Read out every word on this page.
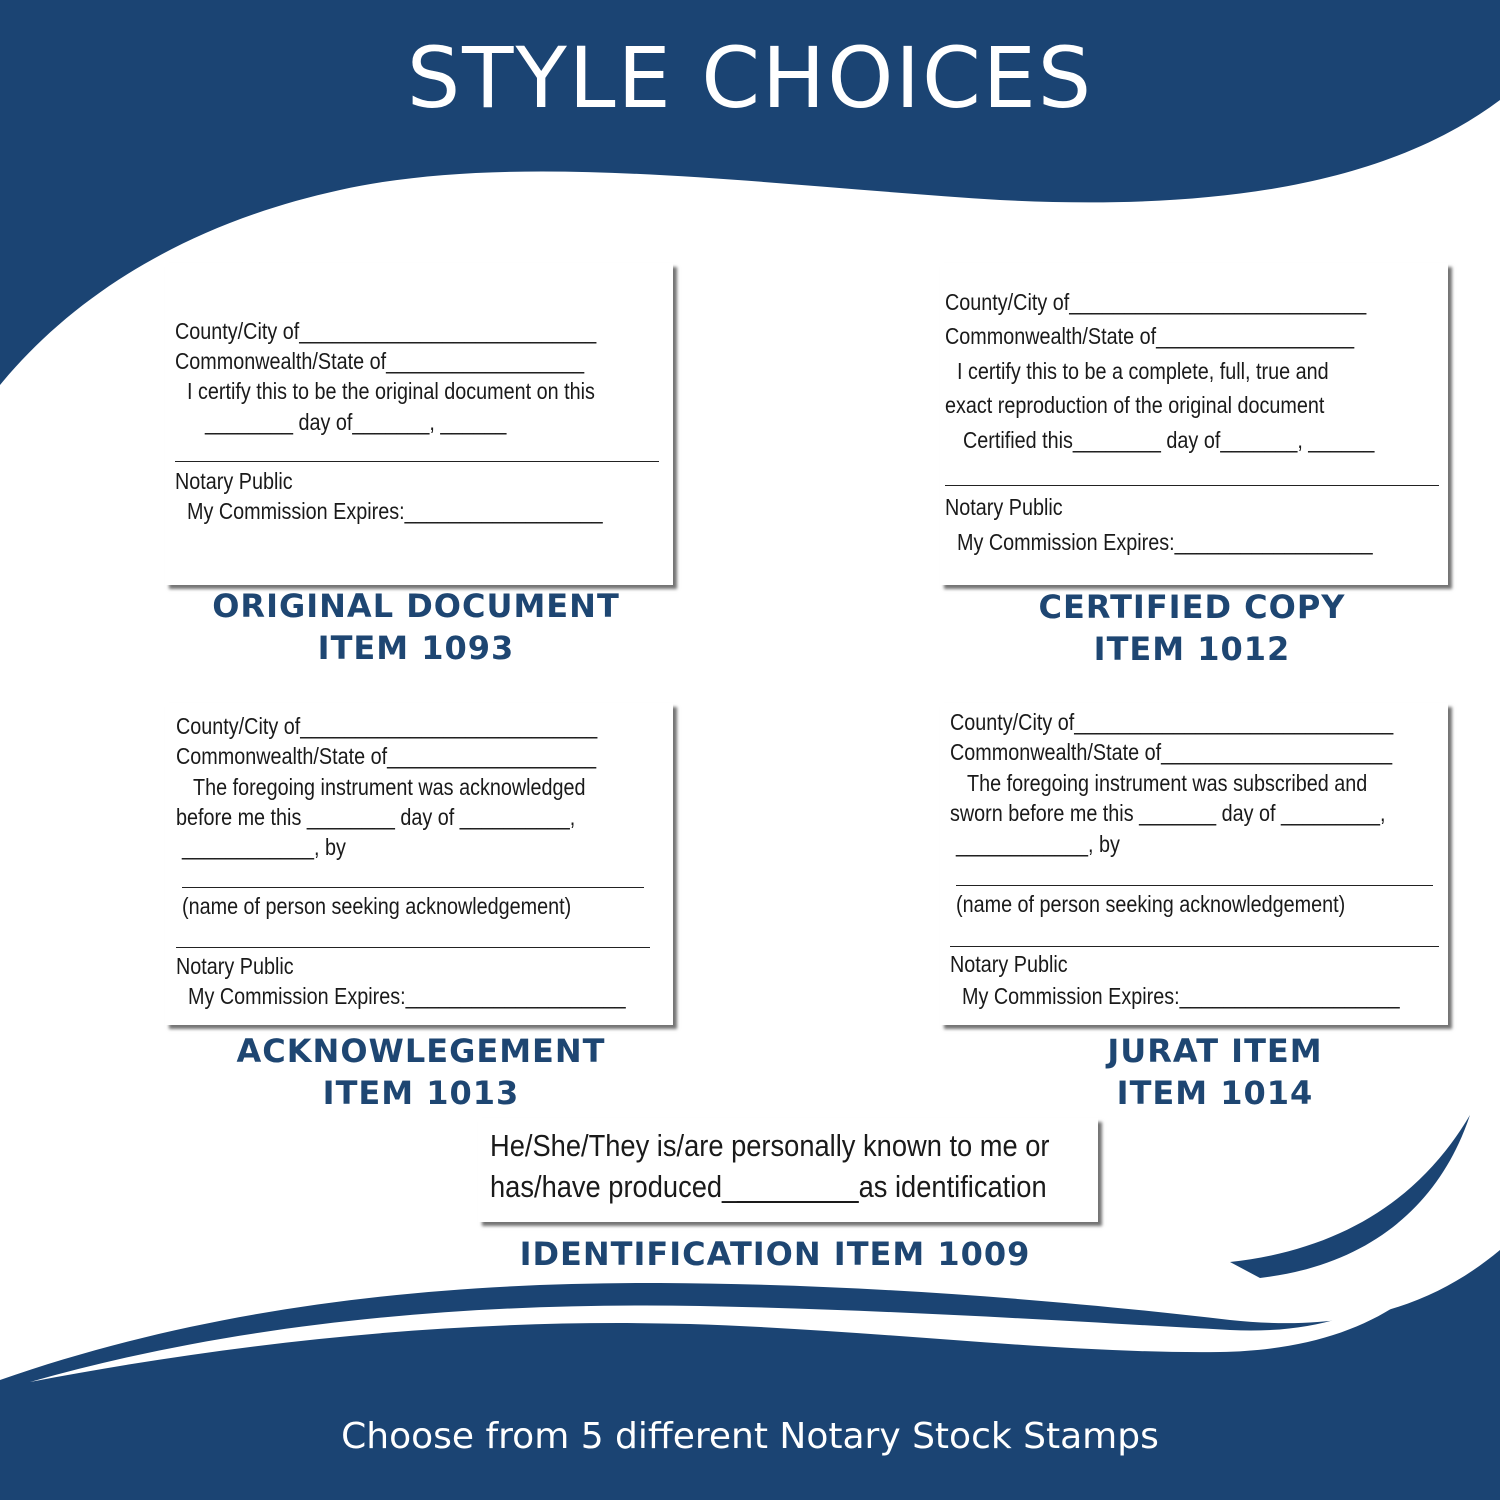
STYLE CHOICES
County/City of___________________________
Commonwealth/State of__________________
I certify this to be the original document on this
________ day of_______, ______
Notary Public
My Commission Expires:__________________
ORIGINAL DOCUMENT
ITEM 1093
County/City of___________________________
Commonwealth/State of__________________
I certify this to be a complete, full, true and
exact reproduction of the original document
Certified this________ day of_______, ______
Notary Public
My Commission Expires:__________________
CERTIFIED COPY
ITEM 1012
County/City of___________________________
Commonwealth/State of___________________
The foregoing instrument was acknowledged
before me this ________ day of __________,
____________, by
(name of person seeking acknowledgement)
Notary Public
My Commission Expires:____________________
ACKNOWLEGEMENT
ITEM 1013
County/City of_____________________________
Commonwealth/State of_____________________
The foregoing instrument was subscribed and
sworn before me this _______ day of _________,
____________, by
(name of person seeking acknowledgement)
Notary Public
My Commission Expires:____________________
JURAT ITEM
ITEM 1014
He/She/They is/are personally known to me or
has/have produced_________as identification
IDENTIFICATION ITEM 1009
Choose from 5 different Notary Stock Stamps
